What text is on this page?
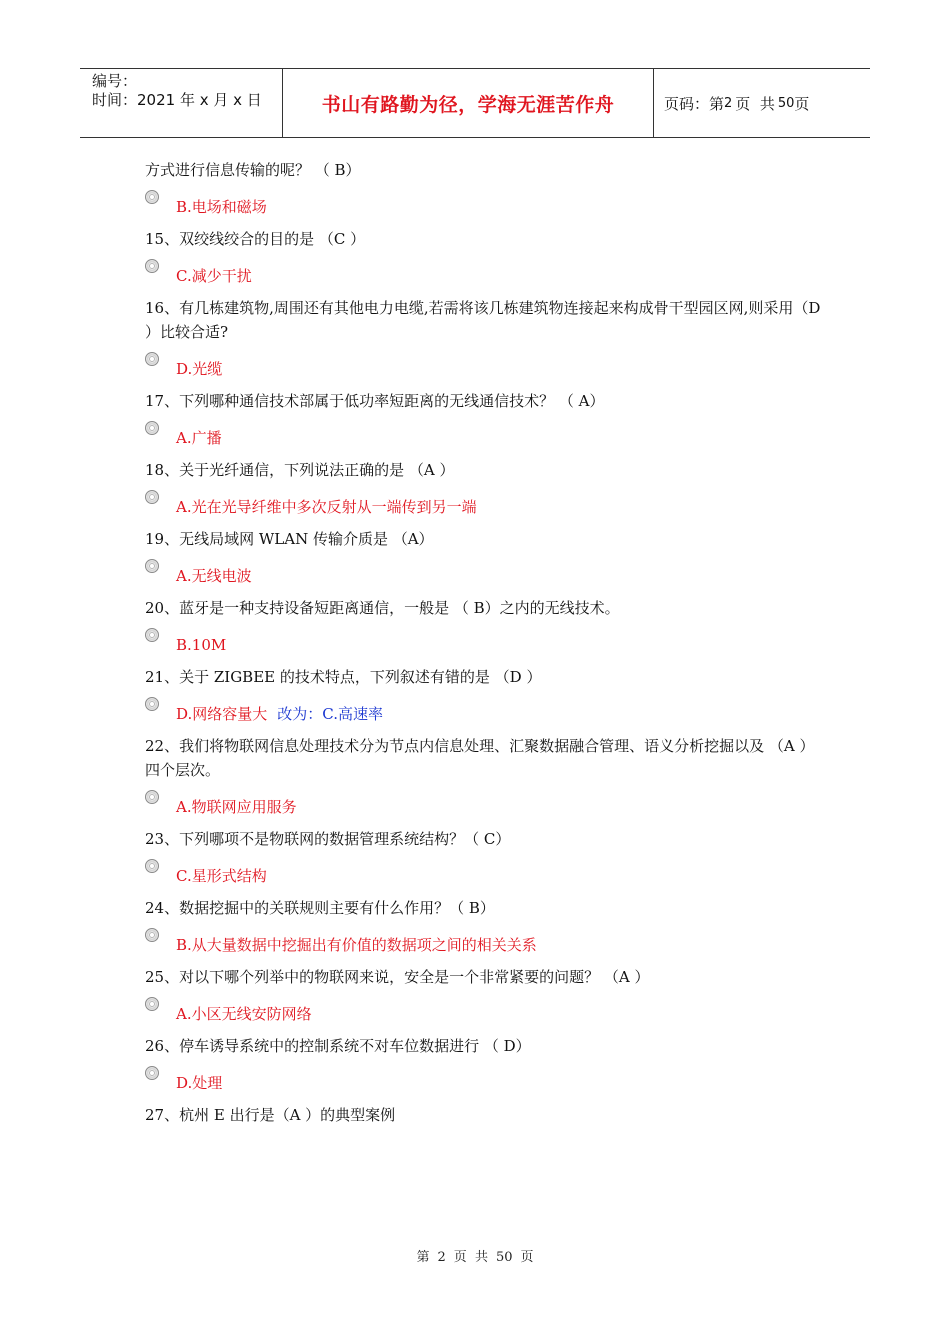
编号：
时间：2021 年 x 月 x 日	书山有路勤为径，学海无涯苦作舟	页码：第 2 页  共 50 页

方式进行信息传输的呢？ （ B）

B.电场和磁场

15、双绞线绞合的目的是 （C ）

C.减少干扰

16、有几栋建筑物,周围还有其他电力电缆,若需将该几栋建筑物连接起来构成骨干型园区网,则采用（D ）比较合适?

D.光缆

17、下列哪种通信技术部属于低功率短距离的无线通信技术？ （ A）

A.广播

18、关于光纤通信，下列说法正确的是 （A ）

A.光在光导纤维中多次反射从一端传到另一端

19、无线局域网 WLAN 传输介质是 （A）

A.无线电波

20、蓝牙是一种支持设备短距离通信，一般是 （ B）之内的无线技术。

B.10M

21、关于 ZIGBEE 的技术特点，下列叙述有错的是 （D ）

D.网络容量大 改为：C.高速率

22、我们将物联网信息处理技术分为节点内信息处理、汇聚数据融合管理、语义分析挖掘以及 （A ） 四个层次。

A.物联网应用服务

23、下列哪项不是物联网的数据管理系统结构？（ C）

C.星形式结构

24、数据挖掘中的关联规则主要有什么作用？（ B）

B.从大量数据中挖掘出有价值的数据项之间的相关关系

25、对以下哪个列举中的物联网来说，安全是一个非常紧要的问题？ （A ）

A.小区无线安防网络

26、停车诱导系统中的控制系统不对车位数据进行 （ D）

D.处理

27、杭州 E 出行是（A ）的典型案例

第 2 页  共 50 页
